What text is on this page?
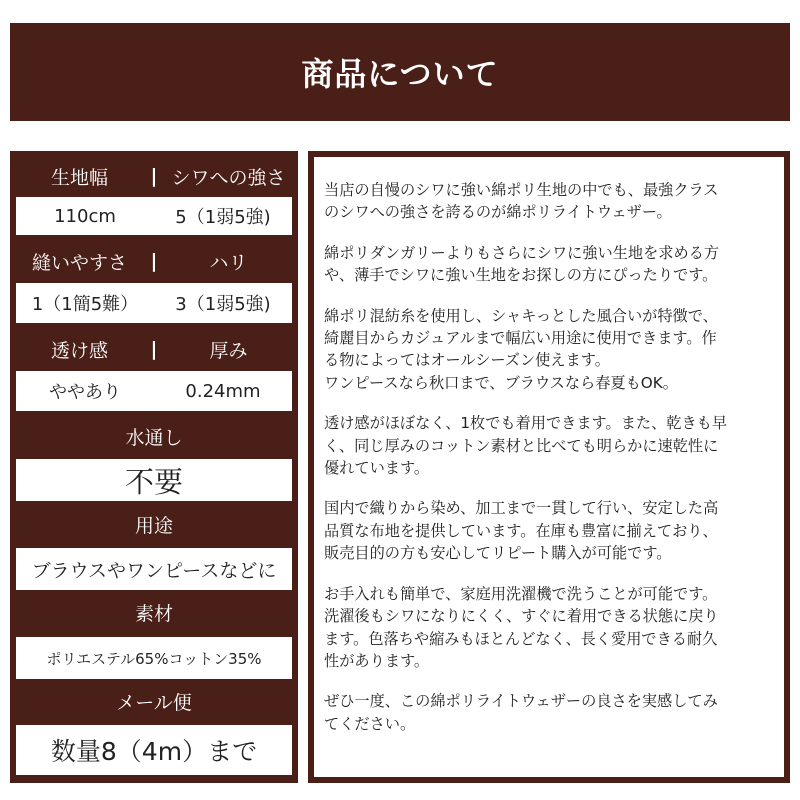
商品について
生地幅	| シワへの強さ
110cm	5（1弱5強)
縫いやすさ	|	ハリ
1（1簡5難）	3（1弱5強)
透け感	|	厚み
ややあり	0.24mm
水通し
不要
用途
ブラウスやワンピースなどに
素材
ポリエステル65%コットン35%
メール便
数量8（4m）まで

当店の自慢のシワに強い綿ポリ生地の中でも、最強クラス
のシワへの強さを誇るのが綿ポリライトウェザー。

綿ポリダンガリーよりもさらにシワに強い生地を求める方
や、薄手でシワに強い生地をお探しの方にぴったりです。

綿ポリ混紡糸を使用し、シャキっとした風合いが特徴で、
綺麗目からカジュアルまで幅広い用途に使用できます。作
る物によってはオールシーズン使えます。
ワンピースなら秋口まで、ブラウスなら春夏もOK。

透け感がほぼなく、1枚でも着用できます。また、乾きも早
く、同じ厚みのコットン素材と比べても明らかに速乾性に
優れています。

国内で織りから染め、加工まで一貫して行い、安定した高
品質な布地を提供しています。在庫も豊富に揃えており、
販売目的の方も安心してリピート購入が可能です。

お手入れも簡単で、家庭用洗濯機で洗うことが可能です。
洗濯後もシワになりにくく、すぐに着用できる状態に戻り
ます。色落ちや縮みもほとんどなく、長く愛用できる耐久
性があります。

ぜひ一度、この綿ポリライトウェザーの良さを実感してみ
てください。
